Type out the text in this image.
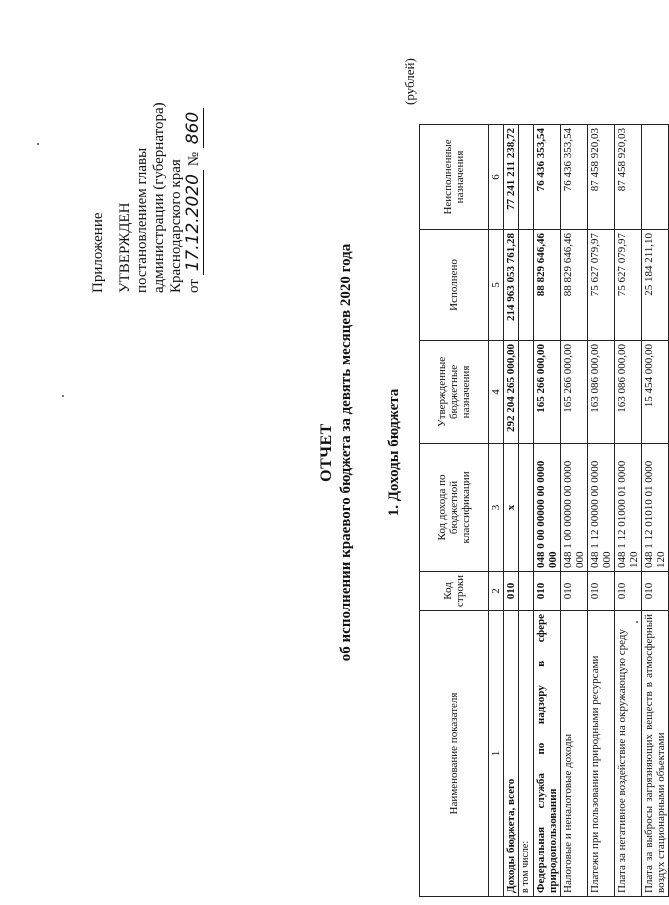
Приложение УТВЕРЖДЕН постановлением главы администрации (губернатора) Краснодарского края от 17.12.2020 № 860
ОТЧЕТ об исполнении краевого бюджета за девять месяцев 2020 года 1. Доходы бюджета
(рублей)
Наименование показателя	Код строки	Код дохода по бюджетной классификации	Утвержденные бюджетные назначения	Исполнено	Неисполненные назначения
1	2	3	4	5	6
Доходы бюджета, всего	010	x	292 204 265 000,00	214 963 053 761,28	77 241 211 238,72
в том числе:					
Федеральная служба по надзору в сфере природопользования	010	048 0 00 00000 00 0000 000	165 266 000,00	88 829 646,46	76 436 353,54
Налоговые и неналоговые доходы	010	048 1 00 00000 00 0000 000	165 266 000,00	88 829 646,46	76 436 353,54
Платежи при пользовании природными ресурсами	010	048 1 12 00000 00 0000 000	163 086 000,00	75 627 079,97	87 458 920,03
Плата за негативное воздействие на окружающую среду	010	048 1 12 01000 01 0000 120	163 086 000,00	75 627 079,97	87 458 920,03
Плата за выбросы загрязняющих веществ в атмосферный воздух стационарными объектами	010	048 1 12 01010 01 0000 120	15 454 000,00	25 184 211,10	
